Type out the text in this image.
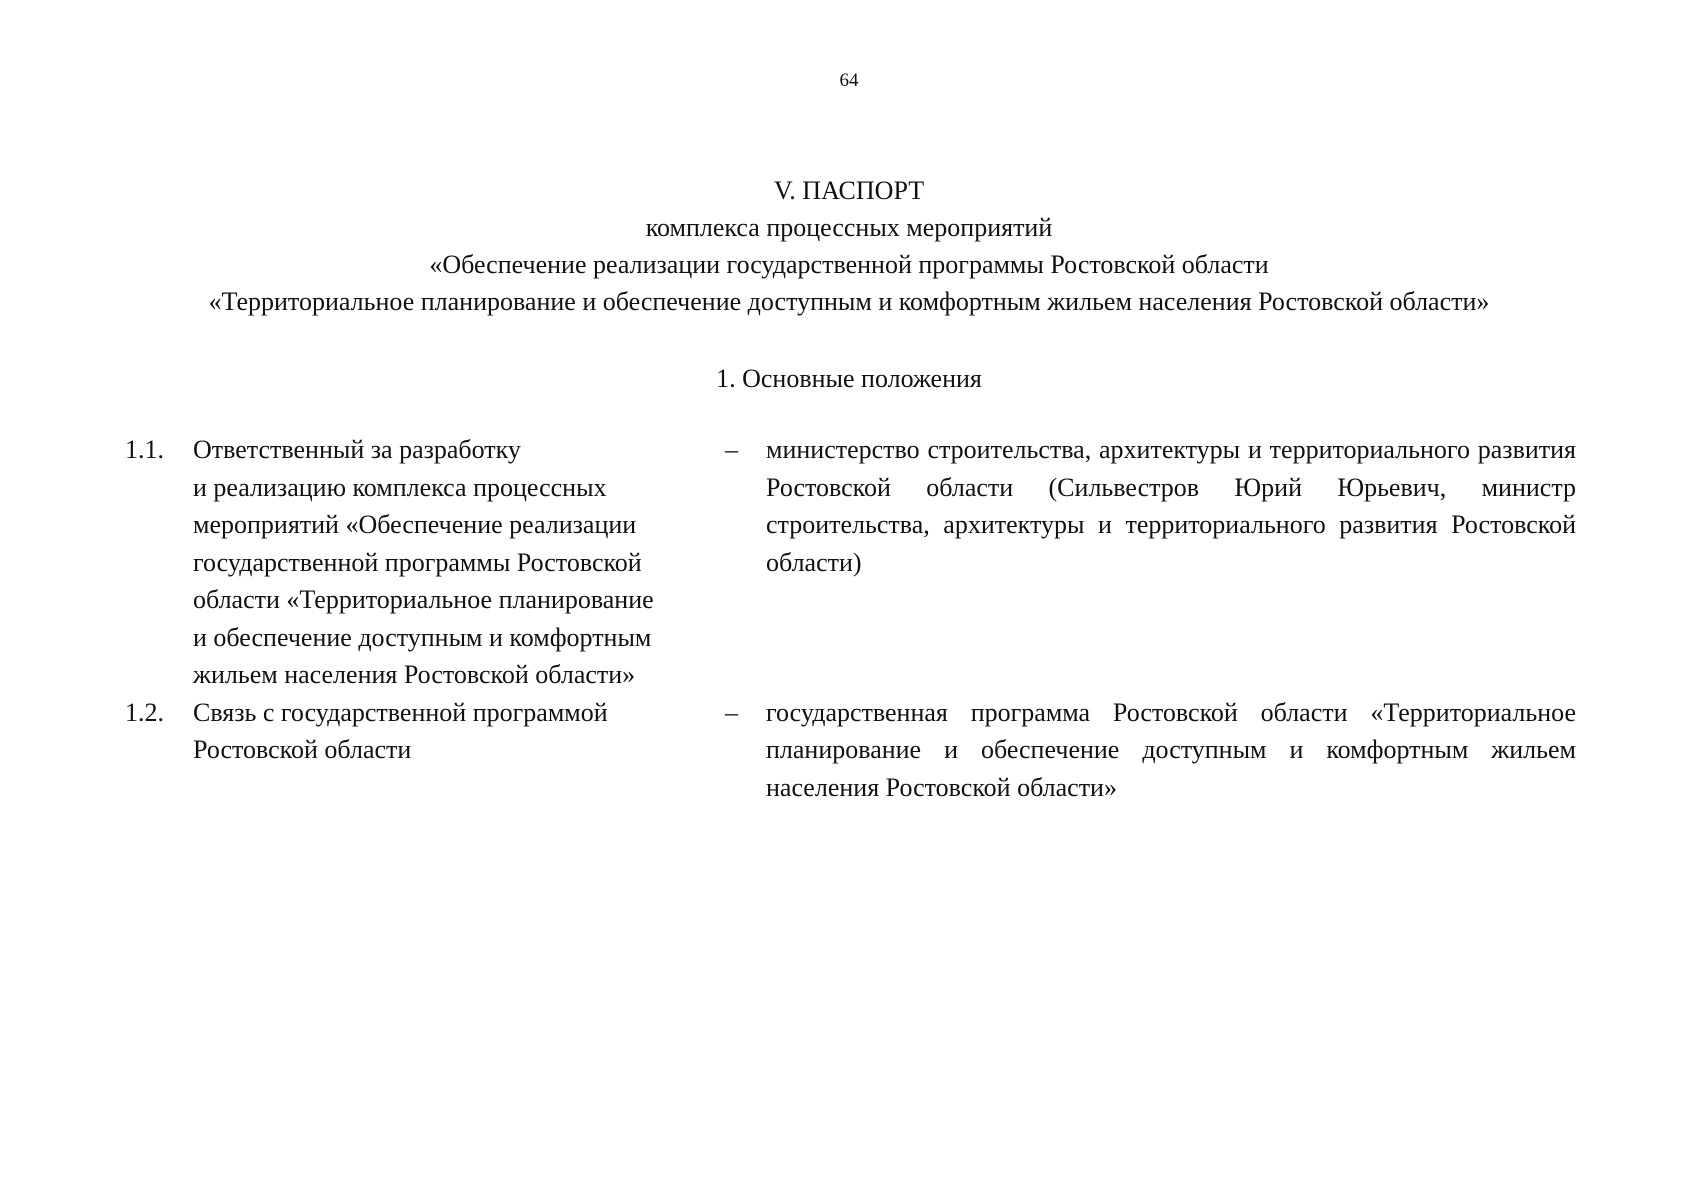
64
V. ПАСПОРТ
комплекса процессных мероприятий
«Обеспечение реализации государственной программы Ростовской области
«Территориальное планирование и обеспечение доступным и комфортным жильем населения Ростовской области»
1. Основные положения
1.1. Ответственный за разработку
и реализацию комплекса процессных
мероприятий «Обеспечение реализации
государственной программы Ростовской
области «Территориальное планирование
и обеспечение доступным и комфортным
жильем населения Ростовской области»
– министерство строительства, архитектуры и территориального развития Ростовской области (Сильвестров Юрий Юрьевич, министр строительства, архитектуры и территориального развития Ростовской области)
1.2. Связь с государственной программой
Ростовской области
– государственная программа Ростовской области «Территориальное планирование и обеспечение доступным и комфортным жильем населения Ростовской области»
